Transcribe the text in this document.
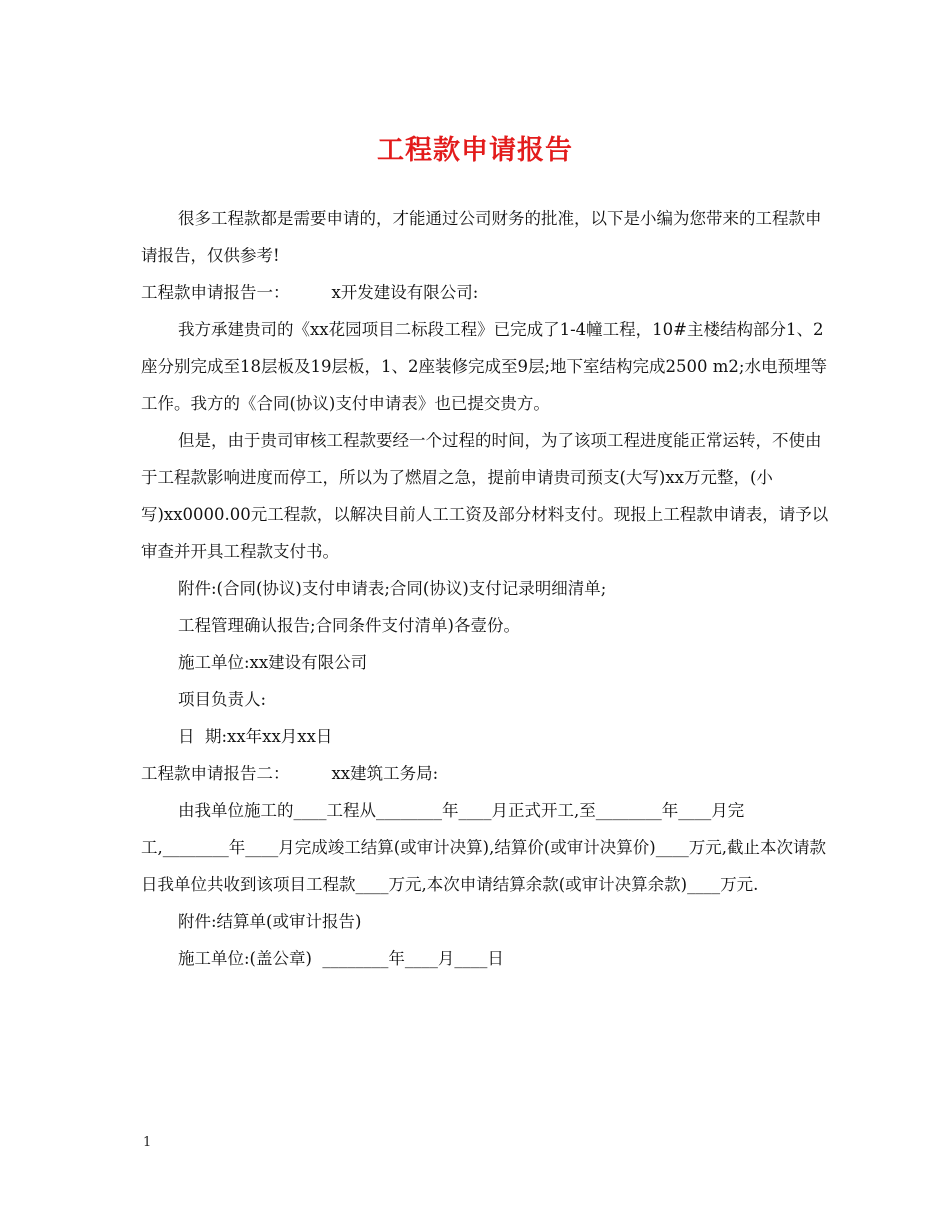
工程款申请报告

很多工程款都是需要申请的，才能通过公司财务的批准，以下是小编为您带来的工程款申请报告，仅供参考!

工程款申请报告一：        x开发建设有限公司:

我方承建贵司的《xx花园项目二标段工程》已完成了1-4幢工程，10#主楼结构部分1、2座分别完成至18层板及19层板，1、2座装修完成至9层;地下室结构完成2500 m2;水电预埋等工作。我方的《合同(协议)支付申请表》也已提交贵方。

但是，由于贵司审核工程款要经一个过程的时间，为了该项工程进度能正常运转，不使由于工程款影响进度而停工，所以为了燃眉之急，提前申请贵司预支(大写)xx万元整，(小写)xx0000.00元工程款，以解决目前人工工资及部分材料支付。现报上工程款申请表，请予以审查并开具工程款支付书。

附件:(合同(协议)支付申请表;合同(协议)支付记录明细清单;

工程管理确认报告;合同条件支付清单)各壹份。

施工单位:xx建设有限公司

项目负责人:

日  期:xx年xx月xx日

工程款申请报告二：        xx建筑工务局:

由我单位施工的____工程从________年____月正式开工,至________年____月完工,________年____月完成竣工结算(或审计决算),结算价(或审计决算价)____万元,截止本次请款日我单位共收到该项目工程款____万元,本次申请结算余款(或审计决算余款)____万元.

附件:结算单(或审计报告)

施工单位:(盖公章)  ________年____月____日

1
